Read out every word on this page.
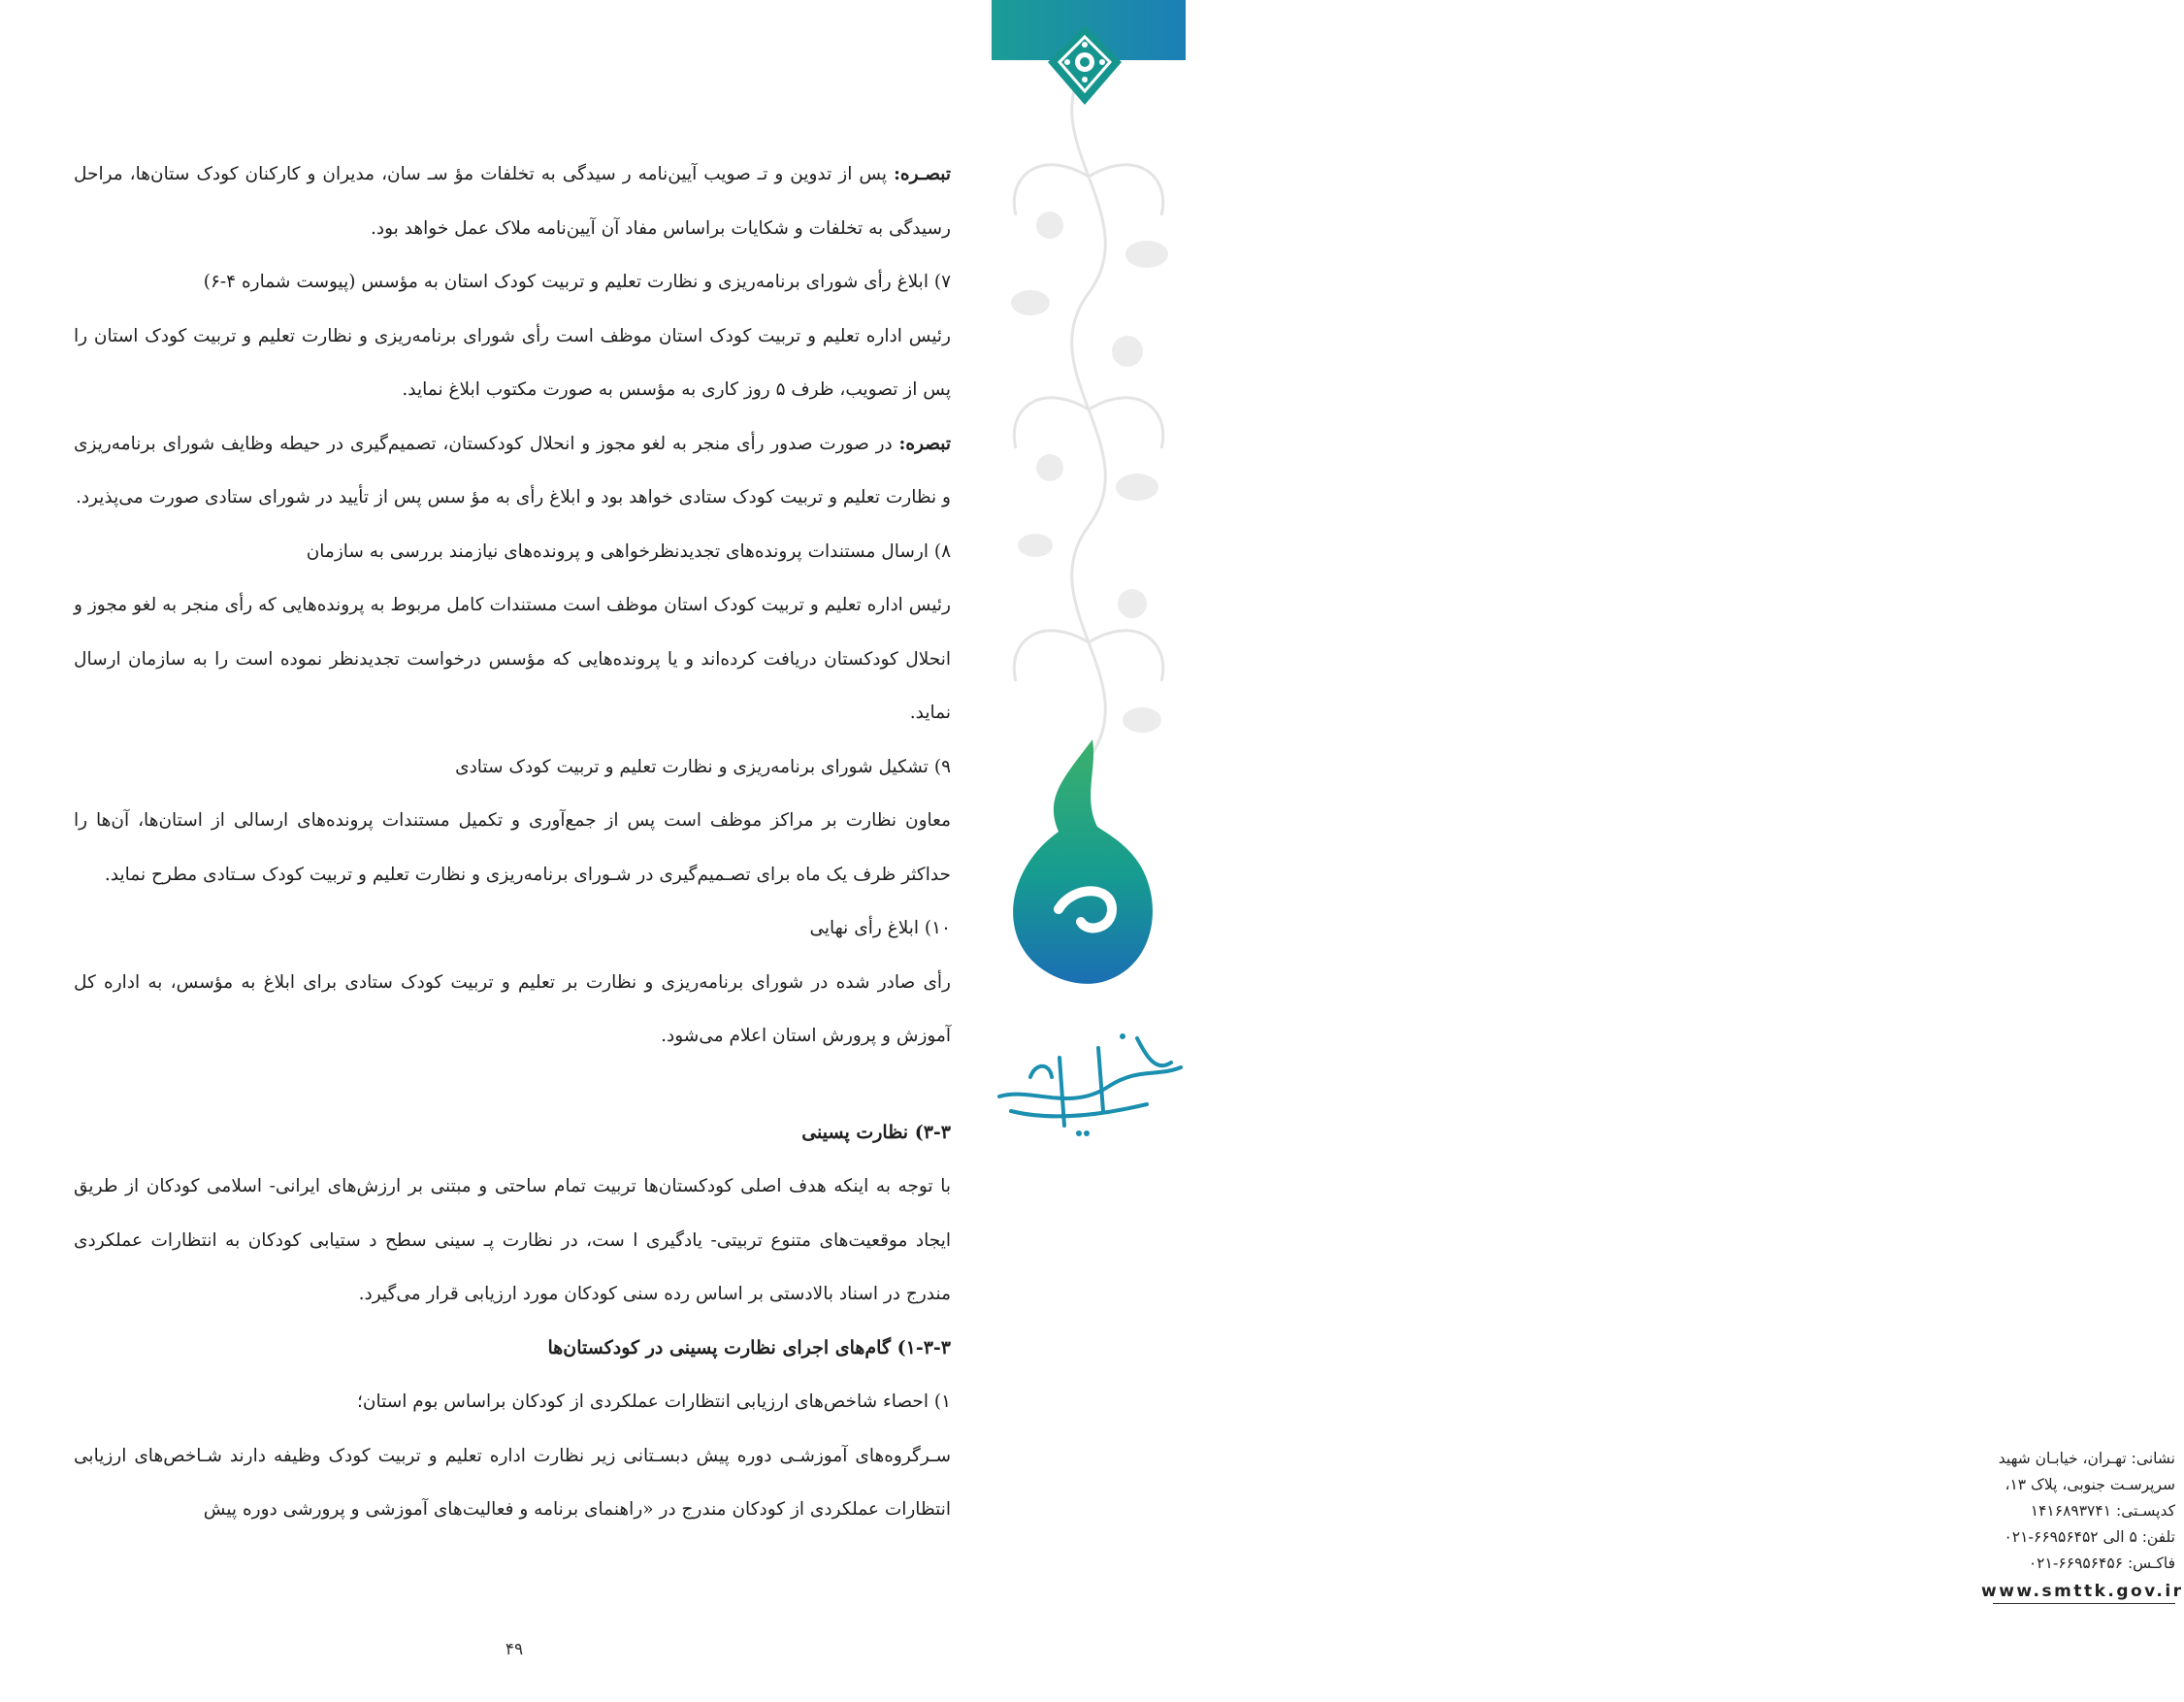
نشانی: تهـران، خیابـان شهید
سرپرسـت جنوبی، پلاک ۱۳،
کدپسـتی: ۱۴۱۶۸۹۳۷۴۱
تلفن: ۵ الی ۶۶۹۵۶۴۵۲-۰۲۱
فاکـس: ۶۶۹۵۶۴۵۶-۰۲۱
www.smttk.gov.ir

تبصـره: پس از تدوین و تـ صویب آیین‌نامه ر سیدگی به تخلفات مؤ سـ سان، مدیران و کارکنان کودک ستان‌ها، مراحل رسیدگی به تخلفات و شکایات براساس مفاد آن آیین‌نامه ملاک عمل خواهد بود.

۷) ابلاغ رأی شورای برنامه‌ریزی و نظارت تعلیم و تربیت کودک استان به مؤسس (پیوست شماره ۴-۶)

رئیس اداره تعلیم و تربیت کودک استان موظف است رأی شورای برنامه‌ریزی و نظارت تعلیم و تربیت کودک استان را پس از تصویب، ظرف ۵ روز کاری به مؤسس به صورت مکتوب ابلاغ نماید.

تبصره: در صورت صدور رأی منجر به لغو مجوز و انحلال کودکستان، تصمیم‌گیری در حیطه وظایف شورای برنامه‌ریزی و نظارت تعلیم و تربیت کودک ستادی خواهد بود و ابلاغ رأی به مؤ سس پس از تأیید در شورای ستادی صورت می‌پذیرد.

۸) ارسال مستندات پرونده‌های تجدیدنظرخواهی و پرونده‌های نیازمند بررسی به سازمان

رئیس اداره تعلیم و تربیت کودک استان موظف است مستندات کامل مربوط به پرونده‌هایی که رأی منجر به لغو مجوز و انحلال کودکستان دریافت کرده‌اند و یا پرونده‌هایی که مؤسس درخواست تجدیدنظر نموده است را به سازمان ارسال نماید.

۹) تشکیل شورای برنامه‌ریزی و نظارت تعلیم و تربیت کودک ستادی

معاون نظارت بر مراکز موظف است پس از جمع‌آوری و تکمیل مستندات پرونده‌های ارسالی از استان‌ها، آن‌ها را حداکثر ظرف یک ماه برای تصـمیم‌گیری در شـورای برنامه‌ریزی و نظارت تعلیم و تربیت کودک سـتادی مطرح نماید.

۱۰) ابلاغ رأی نهایی

رأی صادر شده در شورای برنامه‌ریزی و نظارت بر تعلیم و تربیت کودک ستادی برای ابلاغ به مؤسس، به اداره کل آموزش و پرورش استان اعلام می‌شود.

۳-۳) نظارت پسینی

با توجه به اینکه هدف اصلی کودکستان‌ها تربیت تمام ساحتی و مبتنی بر ارزش‌های ایرانی- اسلامی کودکان از طریق ایجاد موقعیت‌های متنوع تربیتی- یادگیری ا ست، در نظارت پـ سینی سطح د ستیابی کودکان به انتظارات عملکردی مندرج در اسناد بالادستی بر اساس رده سنی کودکان مورد ارزیابی قرار می‌گیرد.

۱-۳-۳) گام‌های اجرای نظارت پسینی در کودکستان‌ها

۱) احصاء شاخص‌های ارزیابی انتظارات عملکردی از کودکان براساس بوم استان؛

سـرگروه‌های آموزشـی دوره پیش دبسـتانی زیر نظارت اداره تعلیم و تربیت کودک وظیفه دارند شـاخص‌های ارزیابی انتظارات عملکردی از کودکان مندرج در «راهنمای برنامه و فعالیت‌های آموزشی و پرورشی دوره پیش

۴۹
